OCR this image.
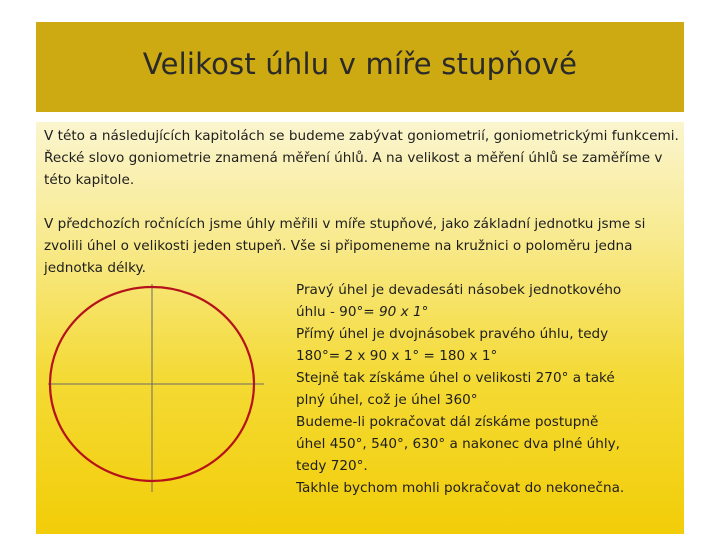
Velikost úhlu v míře stupňové

V této a následujících kapitolách se budeme zabývat goniometrií, goniometrickými funkcemi. Řecké slovo goniometrie znamená měření úhlů. A na velikost a měření úhlů se zaměříme v této kapitole.

V předchozích ročnících jsme úhly měřili v míře stupňové, jako základní jednotku jsme si zvolili úhel o velikosti jeden stupeň. Vše si připomeneme na kružnici o poloměru jedna jednotka délky.

Pravý úhel je devadesáti násobek jednotkového
úhlu - 90°= 90 x 1°
Přímý úhel je dvojnásobek pravého úhlu, tedy
180°= 2 x 90 x 1° = 180 x 1°
Stejně tak získáme úhel o velikosti 270° a také
plný úhel, což je úhel 360°
Budeme-li pokračovat dál získáme postupně
úhel 450°, 540°, 630° a nakonec dva plné úhly,
tedy 720°.
Takhle bychom mohli pokračovat do nekonečna.
